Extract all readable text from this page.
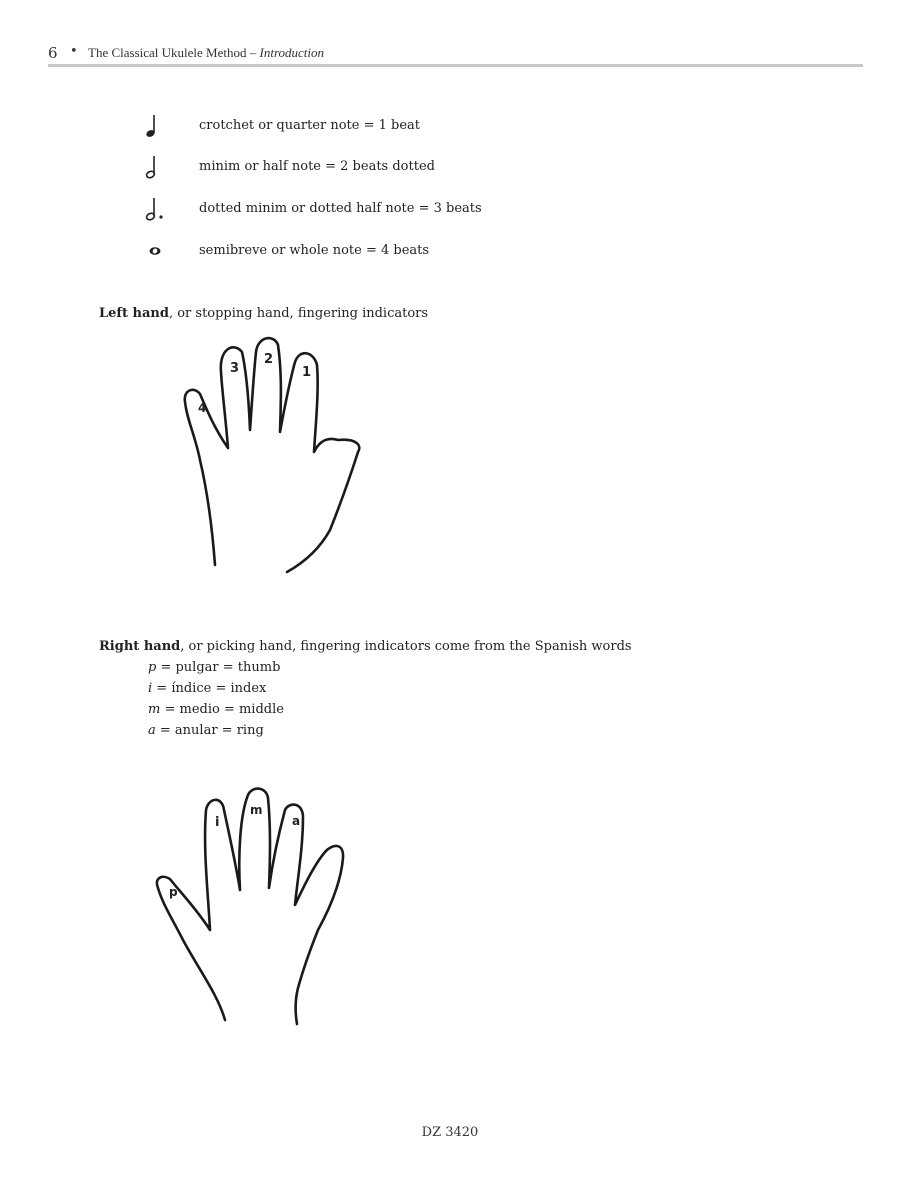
6 • The Classical Ukulele Method – Introduction
crotchet or quarter note = 1 beat
minim or half note = 2 beats dotted
dotted minim or dotted half note = 3 beats
semibreve or whole note = 4 beats
Left hand, or stopping hand, fingering indicators
4
3
2
1
Right hand, or picking hand, fingering indicators come from the Spanish words
p = pulgar = thumb
i = índice = index
m = medio = middle
a = anular = ring
p
i
m
a
DZ 3420
